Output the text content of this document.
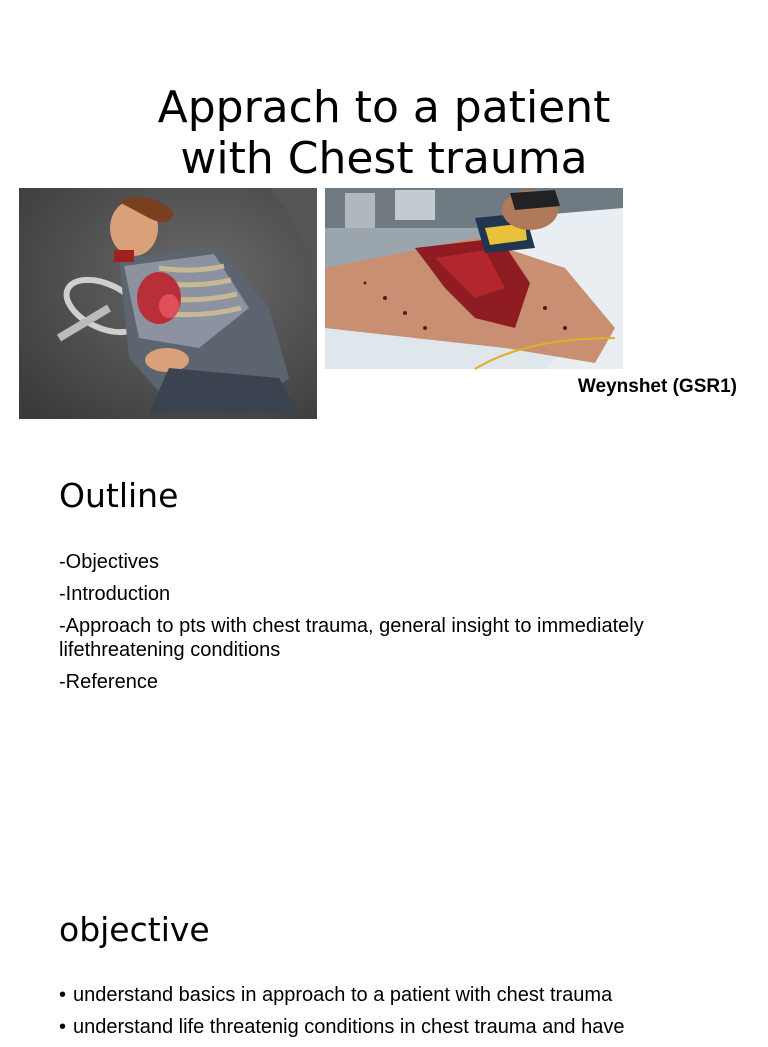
Apprach to a patient
with Chest trauma

Weynshet (GSR1)

Outline
-Objectives
-Introduction
-Approach to pts with chest trauma, general insight to immediately lifethreatening conditions
-Reference
objective
• understand basics in approach to a patient with chest trauma
• understand life threatenig conditions in chest trauma and have
